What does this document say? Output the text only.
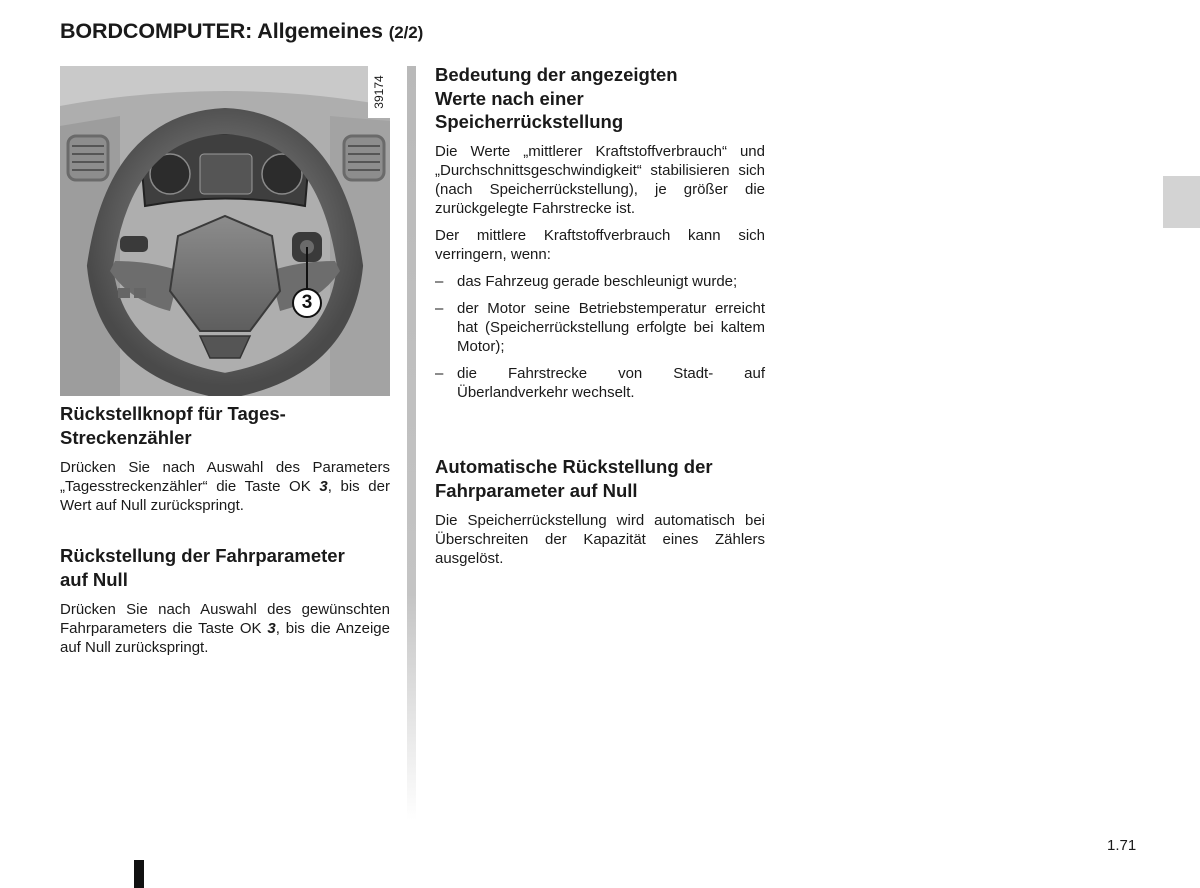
BORDCOMPUTER: Allgemeines (2/2)
39174
3
Rückstellknopf für Tages-
Streckenzähler

Drücken Sie nach Auswahl des Parameters „Tagesstreckenzähler“ die Taste OK 3, bis der Wert auf Null zurückspringt.

Rückstellung der Fahrparameter
auf Null

Drücken Sie nach Auswahl des gewünschten Fahrparameters die Taste OK 3, bis die Anzeige auf Null zurückspringt.

Bedeutung der angezeigten
Werte nach einer
Speicherrückstellung

Die Werte „mittlerer Kraftstoffverbrauch“ und „Durchschnittsgeschwindigkeit“ stabilisieren sich (nach Speicherrückstellung), je größer die zurückgelegte Fahrstrecke ist.

Der mittlere Kraftstoffverbrauch kann sich verringern, wenn:

– das Fahrzeug gerade beschleunigt wurde;

– der Motor seine Betriebstemperatur erreicht hat (Speicherrückstellung erfolgte bei kaltem Motor);

– die Fahrstrecke von Stadt- auf Überlandverkehr wechselt.

Automatische Rückstellung der
Fahrparameter auf Null

Die Speicherrückstellung wird automatisch bei Überschreiten der Kapazität eines Zählers ausgelöst.

1.71
